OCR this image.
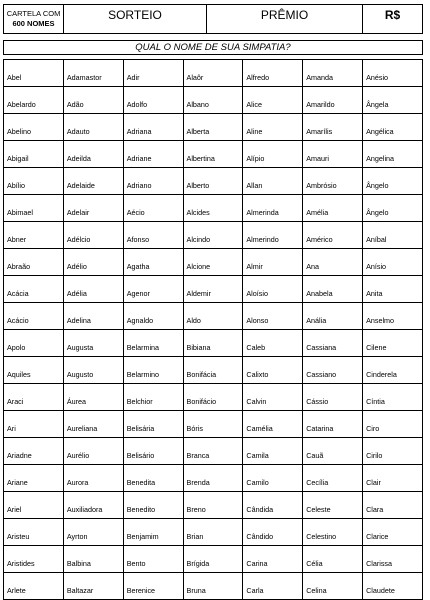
CARTELA COM
600 NOMES
SORTEIO	PRÊMIO	R$
QUAL O NOME DE SUA SIMPATIA?
Abel	Adamastor	Adir	Alaôr	Alfredo	Amanda	Anésio
Abelardo	Adão	Adolfo	Albano	Alice	Amarildo	Ângela
Abelino	Adauto	Adriana	Alberta	Aline	Amarílis	Angélica
Abigail	Adeilda	Adriane	Albertina	Alípio	Amauri	Angelina
Abílio	Adelaide	Adriano	Alberto	Allan	Ambrósio	Ângelo
Abimael	Adelair	Aécio	Alcides	Almerinda	Amélia	Ângelo
Abner	Adélcio	Afonso	Alcindo	Almerindo	Américo	Aníbal
Abraão	Adélio	Agatha	Alcione	Almir	Ana	Anísio
Acácia	Adélia	Agenor	Aldemir	Aloísio	Anabela	Anita
Acácio	Adelina	Agnaldo	Aldo	Alonso	Anália	Anselmo
Apolo	Augusta	Belarmina	Bibiana	Caleb	Cassiana	Cilene
Aquiles	Augusto	Belarmino	Bonifácia	Calixto	Cassiano	Cinderela
Araci	Áurea	Belchior	Bonifácio	Calvin	Cássio	Cíntia
Ari	Aureliana	Belisária	Bóris	Camélia	Catarina	Ciro
Ariadne	Aurélio	Belisário	Branca	Camila	Cauã	Cirilo
Ariane	Aurora	Benedita	Brenda	Camilo	Cecília	Clair
Ariel	Auxiliadora	Benedito	Breno	Cândida	Celeste	Clara
Aristeu	Ayrton	Benjamim	Brian	Cândido	Celestino	Clarice
Aristides	Balbina	Bento	Brígida	Carina	Célia	Clarissa
Arlete	Baltazar	Berenice	Bruna	Carla	Celina	Claudete
